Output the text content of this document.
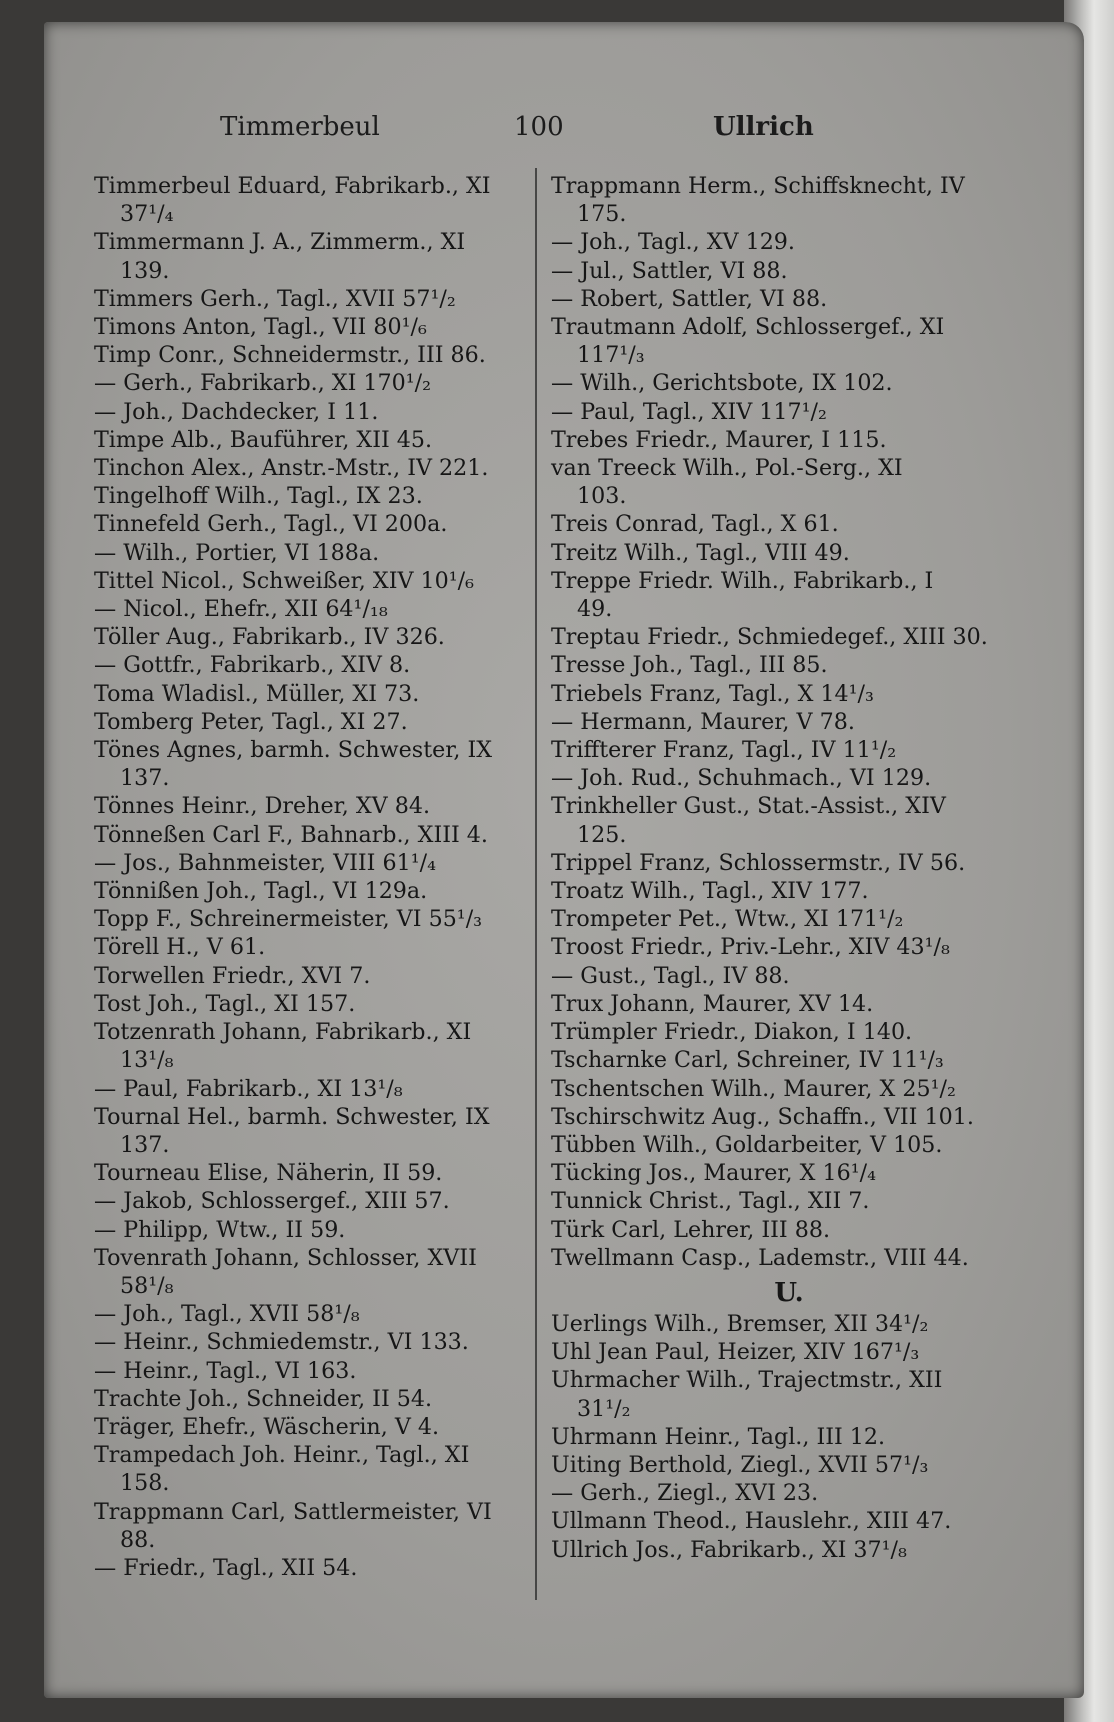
Timmerbeul	100	Ullrich
Timmerbeul Eduard, Fabrikarb., XI

37¹/₄
Timmermann J. A., Zimmerm., XI

139.
Timmers Gerh., Tagl., XVII 57¹/₂
Timons Anton, Tagl., VII 80¹/₆
Timp Conr., Schneidermstr., III 86.
— Gerh., Fabrikarb., XI 170¹/₂
— Joh., Dachdecker, I 11.
Timpe Alb., Bauführer, XII 45.
Tinchon Alex., Anstr.-Mstr., IV 221.
Tingelhoff Wilh., Tagl., IX 23.
Tinnefeld Gerh., Tagl., VI 200a.
— Wilh., Portier, VI 188a.
Tittel Nicol., Schweißer, XIV 10¹/₆
— Nicol., Ehefr., XII 64¹/₁₈
Töller Aug., Fabrikarb., IV 326.
— Gottfr., Fabrikarb., XIV 8.
Toma Wladisl., Müller, XI 73.
Tomberg Peter, Tagl., XI 27.
Tönes Agnes, barmh. Schwester, IX

137.
Tönnes Heinr., Dreher, XV 84.
Tönneßen Carl F., Bahnarb., XIII 4.
— Jos., Bahnmeister, VIII 61¹/₄
Tönnißen Joh., Tagl., VI 129a.
Topp F., Schreinermeister, VI 55¹/₃
Törell H., V 61.
Torwellen Friedr., XVI 7.
Tost Joh., Tagl., XI 157.
Totzenrath Johann, Fabrikarb., XI

13¹/₈
— Paul, Fabrikarb., XI 13¹/₈
Tournal Hel., barmh. Schwester, IX

137.
Tourneau Elise, Näherin, II 59.
— Jakob, Schlossergef., XIII 57.
— Philipp, Wtw., II 59.
Tovenrath Johann, Schlosser, XVII

58¹/₈
— Joh., Tagl., XVII 58¹/₈
— Heinr., Schmiedemstr., VI 133.
— Heinr., Tagl., VI 163.
Trachte Joh., Schneider, II 54.
Träger, Ehefr., Wäscherin, V 4.
Trampedach Joh. Heinr., Tagl., XI

158.
Trappmann Carl, Sattlermeister, VI

88.
— Friedr., Tagl., XII 54.
Trappmann Herm., Schiffsknecht, IV

175.
— Joh., Tagl., XV 129.
— Jul., Sattler, VI 88.
— Robert, Sattler, VI 88.
Trautmann Adolf, Schlossergef., XI

117¹/₃
— Wilh., Gerichtsbote, IX 102.
— Paul, Tagl., XIV 117¹/₂
Trebes Friedr., Maurer, I 115.
van Treeck Wilh., Pol.-Serg., XI

103.
Treis Conrad, Tagl., X 61.
Treitz Wilh., Tagl., VIII 49.
Treppe Friedr. Wilh., Fabrikarb., I

49.
Treptau Friedr., Schmiedegef., XIII 30.
Tresse Joh., Tagl., III 85.
Triebels Franz, Tagl., X 14¹/₃
— Hermann, Maurer, V 78.
Triffterer Franz, Tagl., IV 11¹/₂
— Joh. Rud., Schuhmach., VI 129.
Trinkheller Gust., Stat.-Assist., XIV

125.
Trippel Franz, Schlossermstr., IV 56.
Troatz Wilh., Tagl., XIV 177.
Trompeter Pet., Wtw., XI 171¹/₂
Troost Friedr., Priv.-Lehr., XIV 43¹/₈
— Gust., Tagl., IV 88.
Trux Johann, Maurer, XV 14.
Trümpler Friedr., Diakon, I 140.
Tscharnke Carl, Schreiner, IV 11¹/₃
Tschentschen Wilh., Maurer, X 25¹/₂
Tschirschwitz Aug., Schaffn., VII 101.
Tübben Wilh., Goldarbeiter, V 105.
Tücking Jos., Maurer, X 16¹/₄
Tunnick Christ., Tagl., XII 7.
Türk Carl, Lehrer, III 88.
Twellmann Casp., Lademstr., VIII 44.
U.
Uerlings Wilh., Bremser, XII 34¹/₂
Uhl Jean Paul, Heizer, XIV 167¹/₃
Uhrmacher Wilh., Trajectmstr., XII

31¹/₂
Uhrmann Heinr., Tagl., III 12.
Uiting Berthold, Ziegl., XVII 57¹/₃
— Gerh., Ziegl., XVI 23.
Ullmann Theod., Hauslehr., XIII 47.
Ullrich Jos., Fabrikarb., XI 37¹/₈
